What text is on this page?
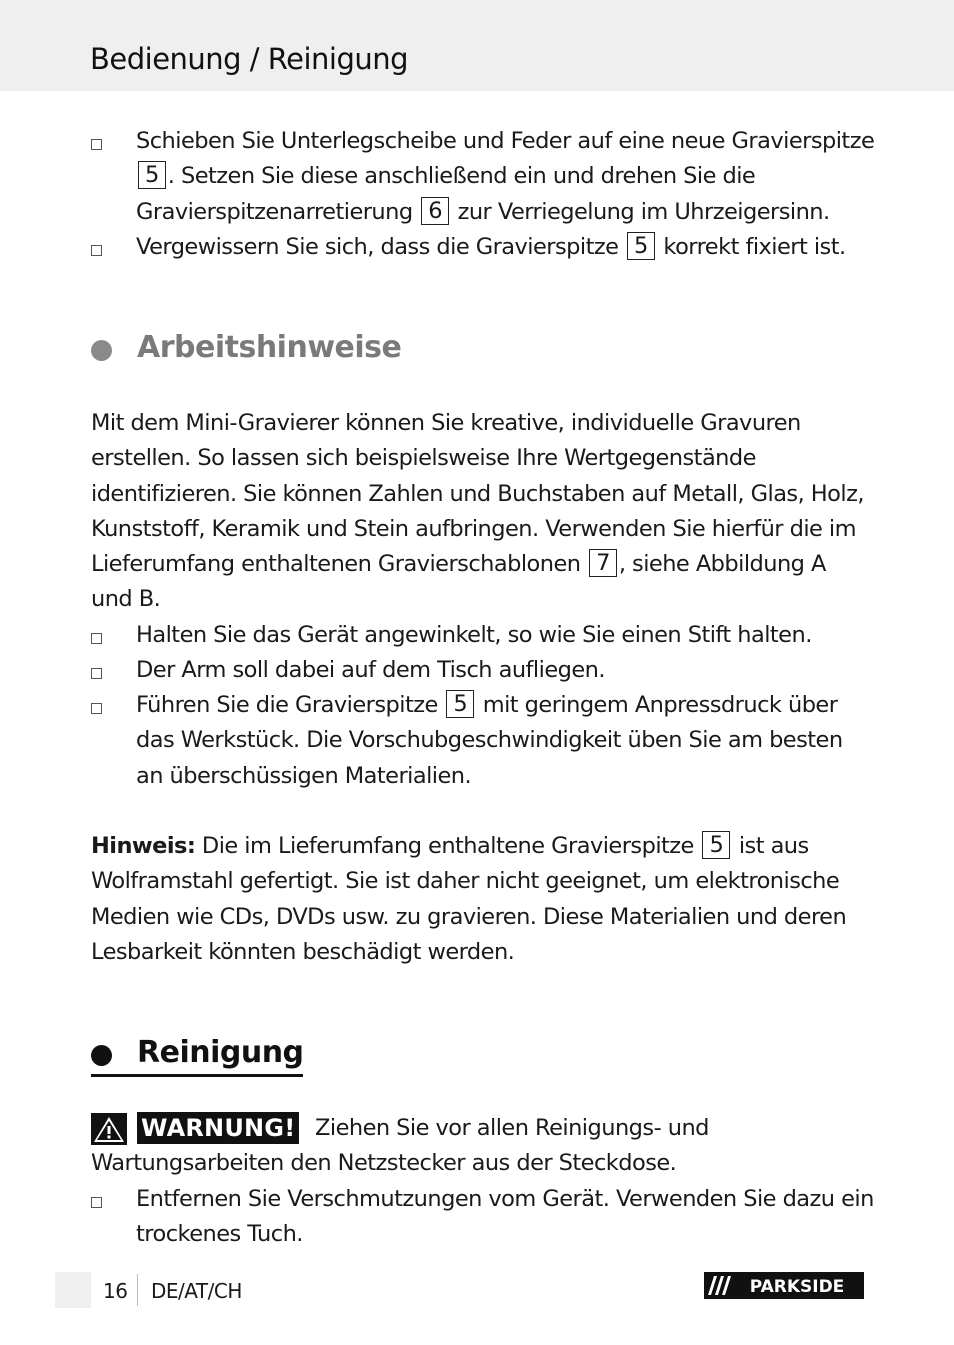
Bedienung / Reinigung
Schieben Sie Unterlegscheibe und Feder auf eine neue Gravierspitze 5 . Setzen Sie diese anschließend ein und drehen Sie die Gravierspitzenarretierung 6 zur Verriegelung im Uhrzeigersinn.
Vergewissern Sie sich, dass die Gravierspitze 5 korrekt fixiert ist.
Arbeitshinweise
Mit dem Mini-Gravierer können Sie kreative, individuelle Gravuren erstellen. So lassen sich beispielsweise Ihre Wertgegenstände identifizieren. Sie können Zahlen und Buchstaben auf Metall, Glas, Holz, Kunststoff, Keramik und Stein aufbringen. Verwenden Sie hierfür die im Lieferumfang enthaltenen Gravierschablonen 7 , siehe Abbildung A und B.
Halten Sie das Gerät angewinkelt, so wie Sie einen Stift halten.
Der Arm soll dabei auf dem Tisch aufliegen.
Führen Sie die Gravierspitze 5 mit geringem Anpressdruck über das Werkstück. Die Vorschubgeschwindigkeit üben Sie am besten an überschüssigen Materialien.
Hinweis: Die im Lieferumfang enthaltene Gravierspitze 5 ist aus Wolframstahl gefertigt. Sie ist daher nicht geeignet, um elektronische Medien wie CDs, DVDs usw. zu gravieren. Diese Materialien und deren Lesbarkeit könnten beschädigt werden.
Reinigung
WARNUNG! Ziehen Sie vor allen Reinigungs- und Wartungsarbeiten den Netzstecker aus der Steckdose.
Entfernen Sie Verschmutzungen vom Gerät. Verwenden Sie dazu ein trockenes Tuch.
16 DE/AT/CH	PARKSIDE
